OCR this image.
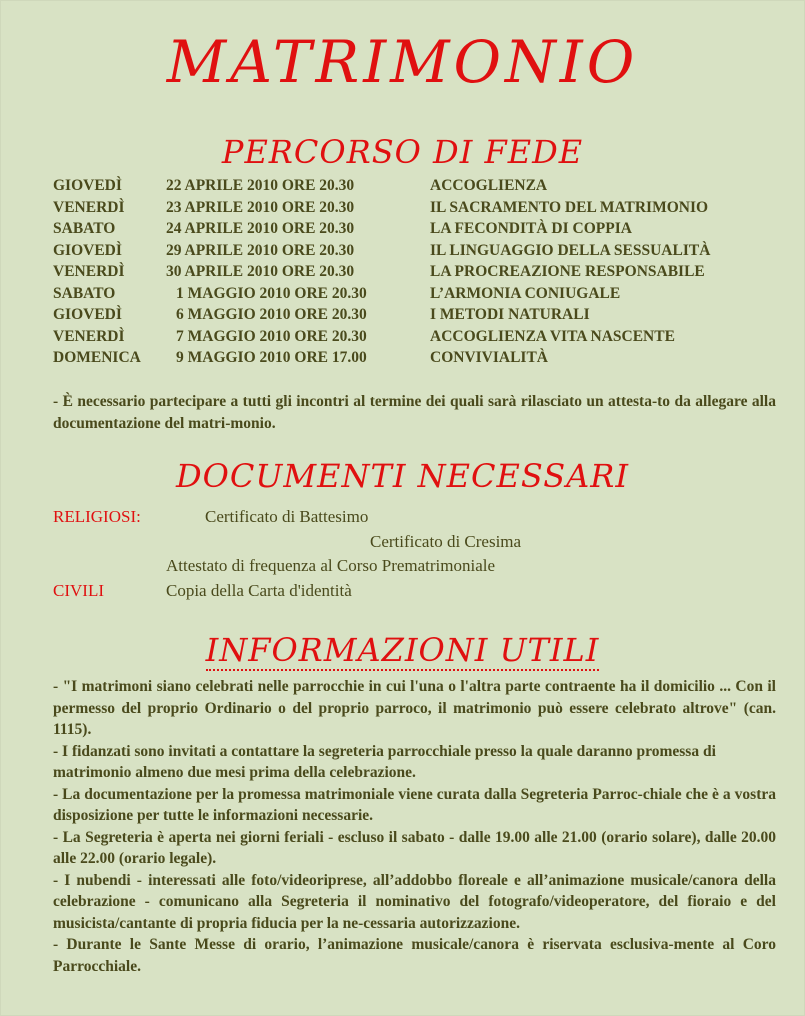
MATRIMONIO
PERCORSO DI FEDE
GIOVEDÌ	22 APRILE 2010 ORE 20.30	ACCOGLIENZA
VENERDÌ	23 APRILE 2010 ORE 20.30	IL SACRAMENTO DEL MATRIMONIO
SABATO	24 APRILE 2010 ORE 20.30	LA FECONDITÀ DI COPPIA
GIOVEDÌ	29 APRILE 2010 ORE 20.30	IL LINGUAGGIO DELLA SESSUALITÀ
VENERDÌ	30 APRILE 2010 ORE 20.30	LA PROCREAZIONE RESPONSABILE
SABATO	1 MAGGIO 2010 ORE 20.30	L’ARMONIA CONIUGALE
GIOVEDÌ	6 MAGGIO 2010 ORE 20.30	I METODI NATURALI
VENERDÌ	7 MAGGIO 2010 ORE 20.30	ACCOGLIENZA VITA NASCENTE
DOMENICA 9 MAGGIO 2010 ORE 17.00	CONVIVIALITÀ
- È necessario partecipare a tutti gli incontri al termine dei quali sarà rilasciato un attesta-to da allegare alla documentazione del matri-monio.
DOCUMENTI NECESSARI
RELIGIOSI:	Certificato di Battesimo
Certificato di Cresima
Attestato di frequenza al Corso Prematrimoniale
CIVILI	Copia della Carta d'identità
INFORMAZIONI UTILI

- "I matrimoni siano celebrati nelle parrocchie in cui l'una o l'altra parte contraente ha il domicilio ... Con il permesso del proprio Ordinario o del proprio parroco, il matrimonio può essere celebrato altrove" (can. 1115).

- I fidanzati sono invitati a contattare la segreteria parrocchiale presso la quale daranno promessa di matrimonio almeno due mesi prima della celebrazione.

- La documentazione per la promessa matrimoniale viene curata dalla Segreteria Parroc-chiale che è a vostra disposizione per tutte le informazioni necessarie.

- La Segreteria è aperta nei giorni feriali - escluso il sabato - dalle 19.00 alle 21.00 (orario solare), dalle 20.00 alle 22.00 (orario legale).

- I nubendi - interessati alle foto/videoriprese, all’addobbo floreale e all’animazione musicale/canora della celebrazione - comunicano alla Segreteria il nominativo del fotografo/videoperatore, del fioraio e del musicista/cantante di propria fiducia per la ne-cessaria autorizzazione.

- Durante le Sante Messe di orario, l’animazione musicale/canora è riservata esclusiva-mente al Coro Parrocchiale.
